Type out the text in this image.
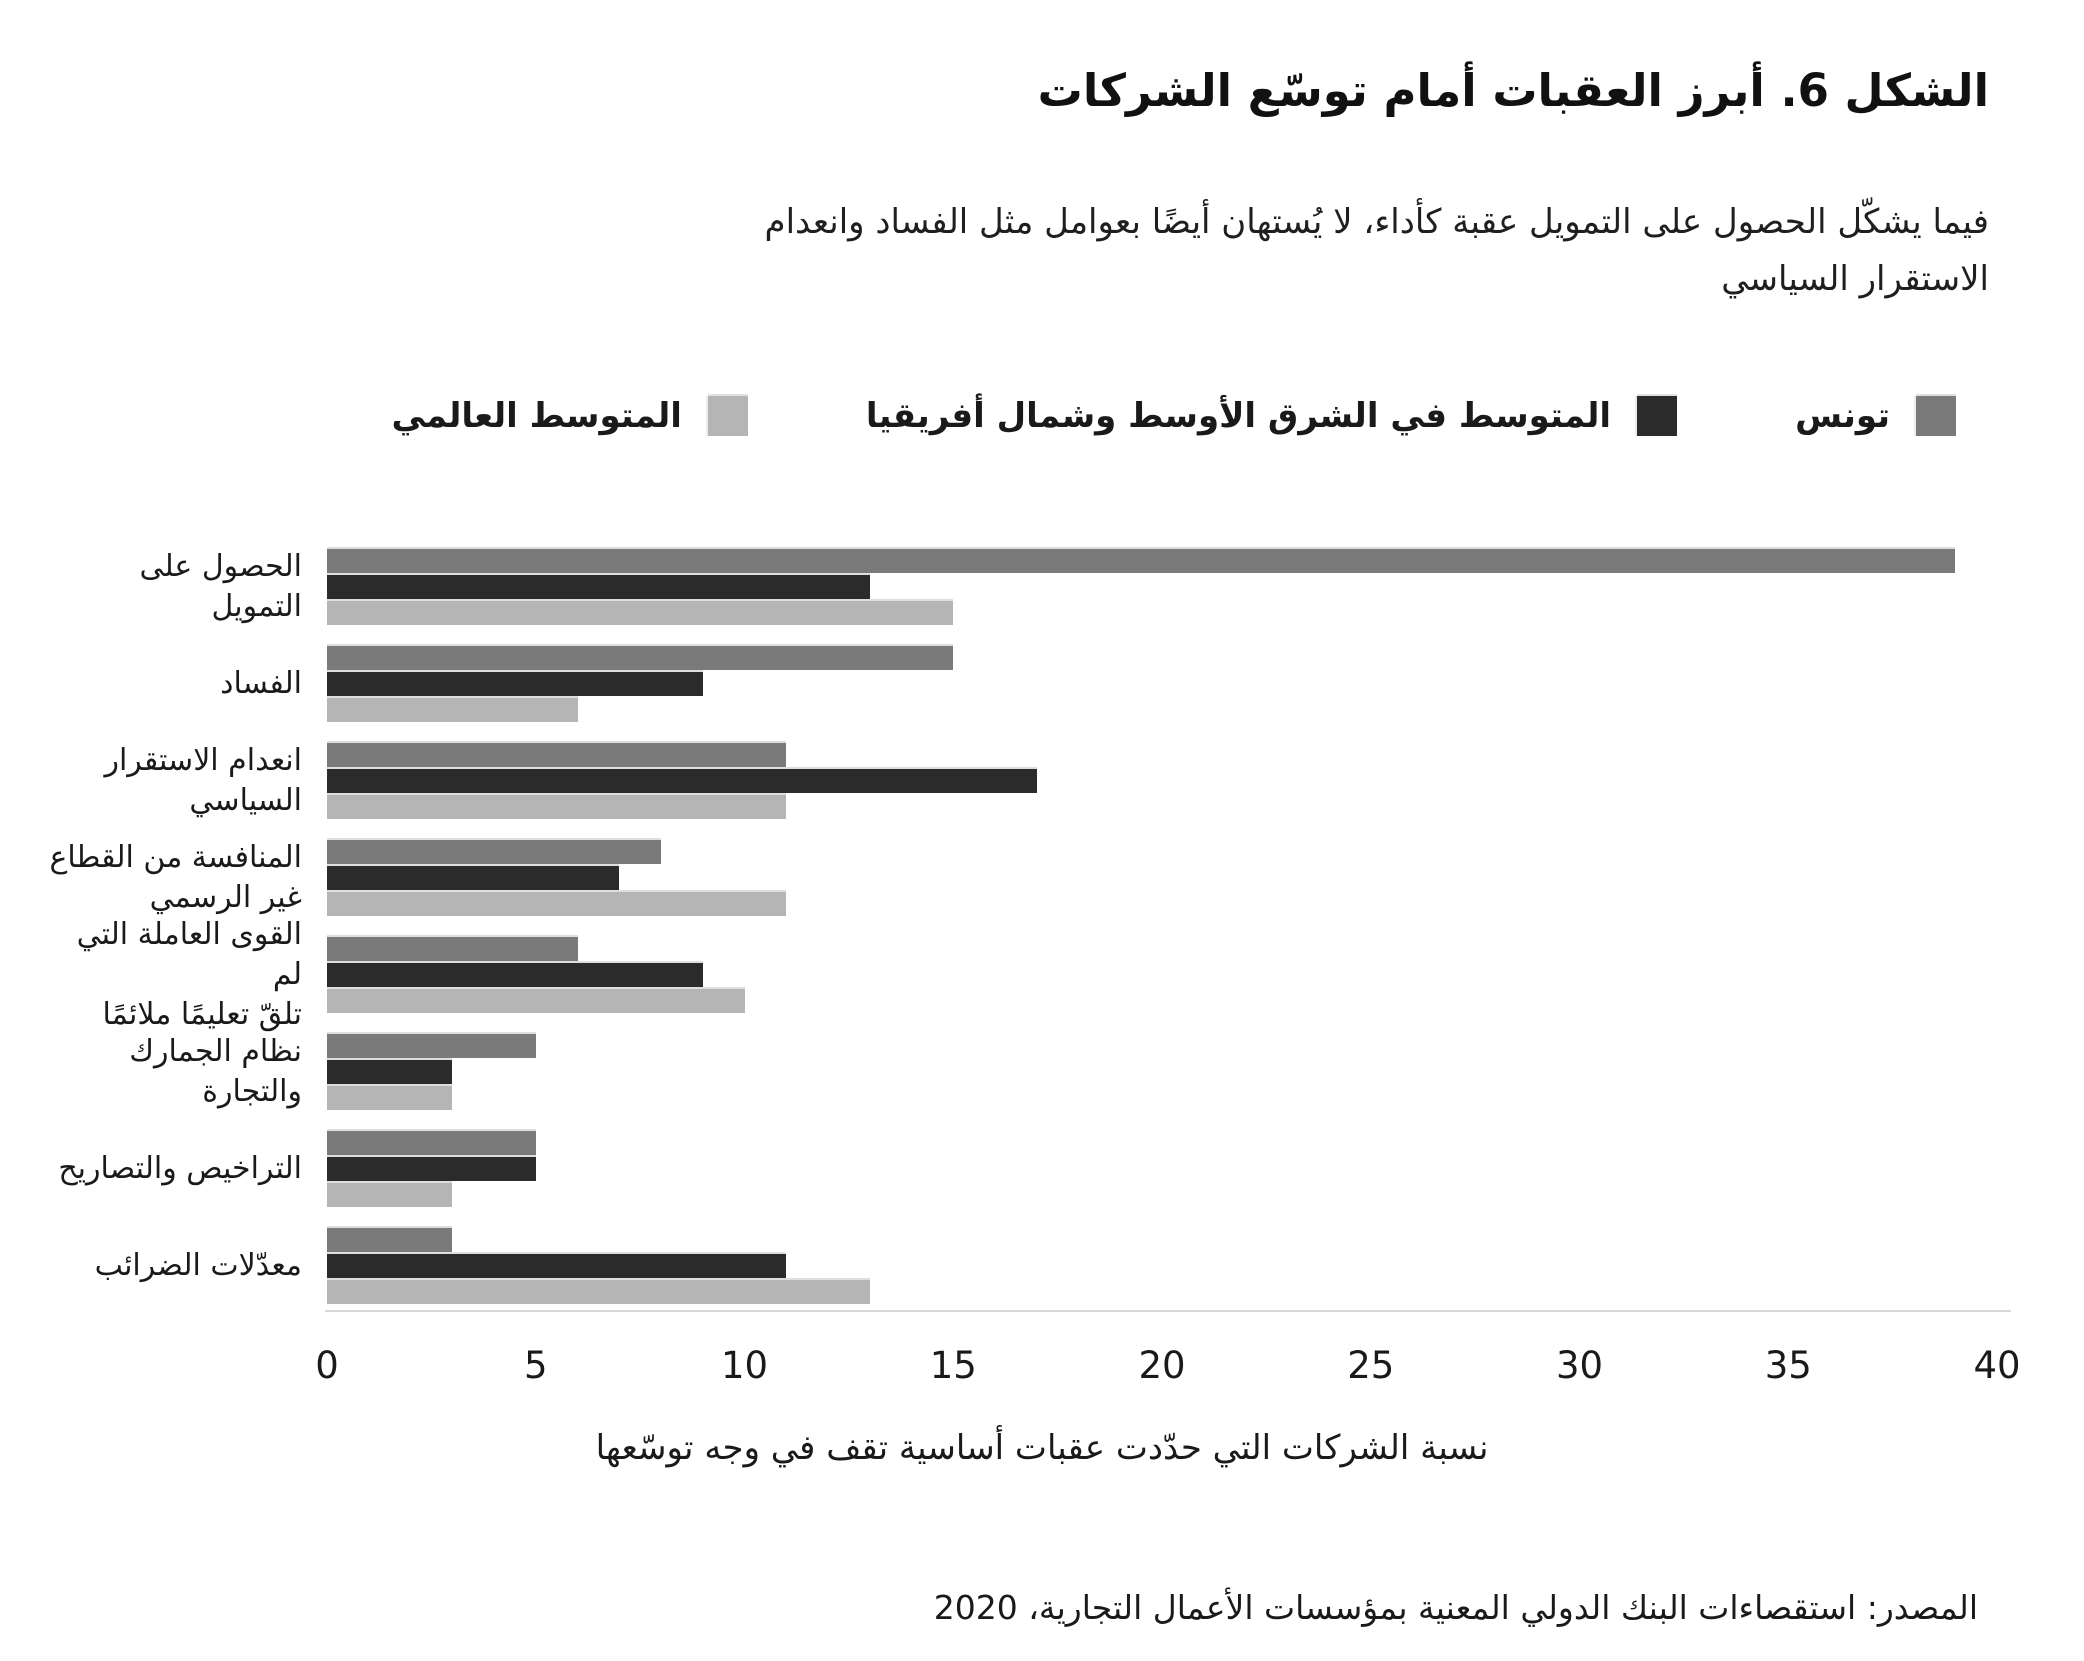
الشكل 6. أبرز العقبات أمام توسّع الشركات
فيما يشكّل الحصول على التمويل عقبة كأداء، لا يُستهان أيضًا بعوامل مثل الفساد وانعدام
الاستقرار السياسي
تونس
المتوسط في الشرق الأوسط وشمال أفريقيا
المتوسط العالمي
الحصول على التمويل
الفساد
انعدام الاستقرار
السياسي
المنافسة من القطاع
غير الرسمي
القوى العاملة التي لم
تلقّ تعليمًا ملائمًا
نظام الجمارك والتجارة
التراخيص والتصاريح
معدّلات الضرائب
0	5	10	15	20	25	30	35	40
نسبة الشركات التي حدّدت عقبات أساسية تقف في وجه توسّعها
المصدر: استقصاءات البنك الدولي المعنية بمؤسسات الأعمال التجارية، 2020
